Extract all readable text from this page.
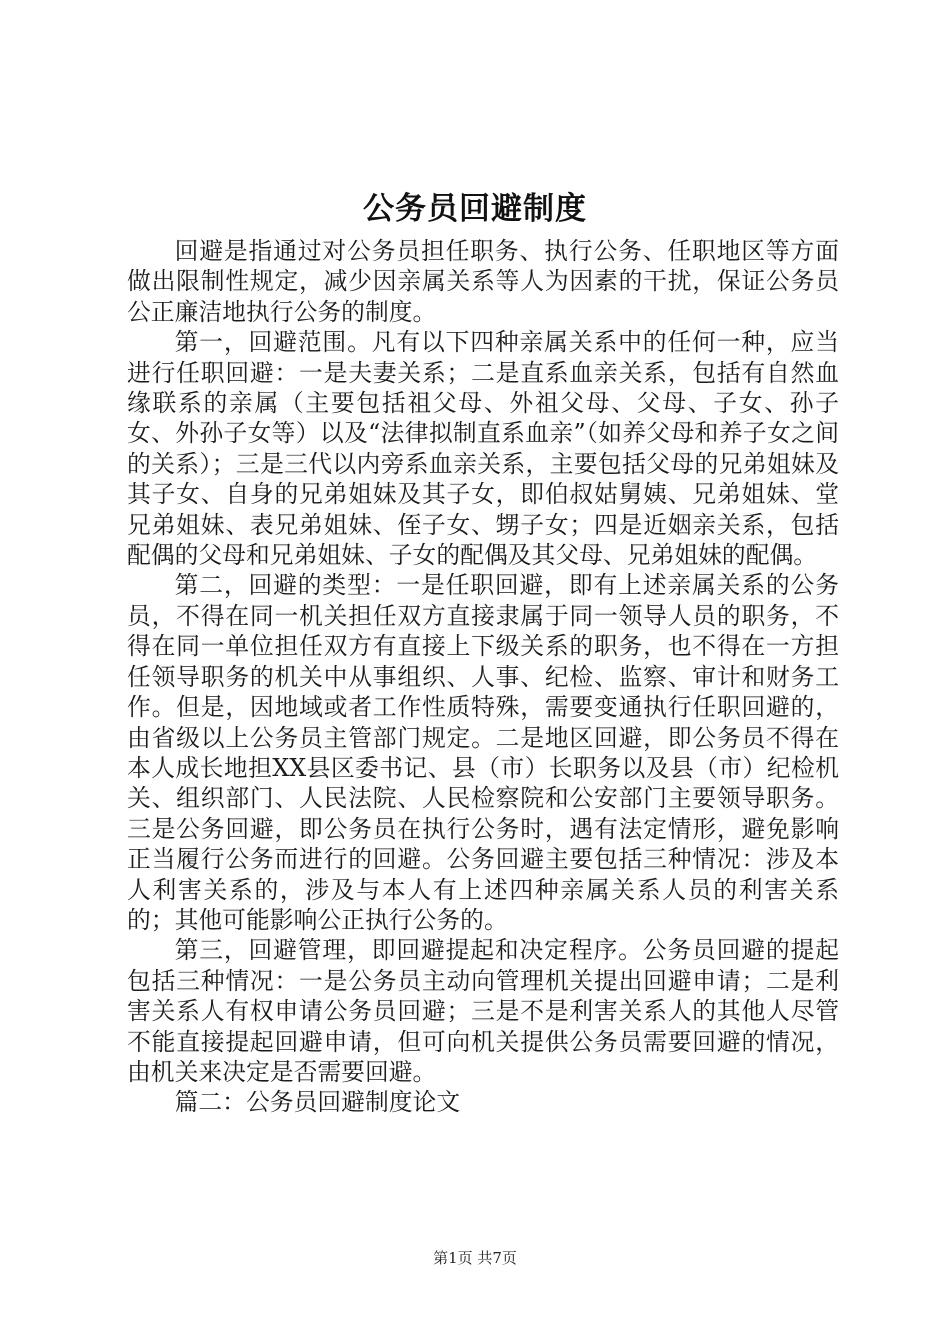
公务员回避制度

回避是指通过对公务员担任职务、执行公务、任职地区等方面做出限制性规定，减少因亲属关系等人为因素的干扰，保证公务员公正廉洁地执行公务的制度。

第一，回避范围。凡有以下四种亲属关系中的任何一种，应当进行任职回避：一是夫妻关系；二是直系血亲关系，包括有自然血缘联系的亲属（主要包括祖父母、外祖父母、父母、子女、孙子女、外孙子女等）以及“法律拟制直系血亲”（如养父母和养子女之间的关系）；三是三代以内旁系血亲关系，主要包括父母的兄弟姐妹及其子女、自身的兄弟姐妹及其子女，即伯叔姑舅姨、兄弟姐妹、堂兄弟姐妹、表兄弟姐妹、侄子女、甥子女；四是近姻亲关系，包括配偶的父母和兄弟姐妹、子女的配偶及其父母、兄弟姐妹的配偶。

第二，回避的类型：一是任职回避，即有上述亲属关系的公务员，不得在同一机关担任双方直接隶属于同一领导人员的职务，不得在同一单位担任双方有直接上下级关系的职务，也不得在一方担任领导职务的机关中从事组织、人事、纪检、监察、审计和财务工作。但是，因地域或者工作性质特殊，需要变通执行任职回避的，由省级以上公务员主管部门规定。二是地区回避，即公务员不得在本人成长地担XX县区委书记、县（市）长职务以及县（市）纪检机关、组织部门、人民法院、人民检察院和公安部门主要领导职务。三是公务回避，即公务员在执行公务时，遇有法定情形，避免影响正当履行公务而进行的回避。公务回避主要包括三种情况：涉及本人利害关系的，涉及与本人有上述四种亲属关系人员的利害关系的；其他可能影响公正执行公务的。

第三，回避管理，即回避提起和决定程序。公务员回避的提起包括三种情况：一是公务员主动向管理机关提出回避申请；二是利害关系人有权申请公务员回避；三是不是利害关系人的其他人尽管不能直接提起回避申请，但可向机关提供公务员需要回避的情况，由机关来决定是否需要回避。

篇二：公务员回避制度论文

第1页 共7页
